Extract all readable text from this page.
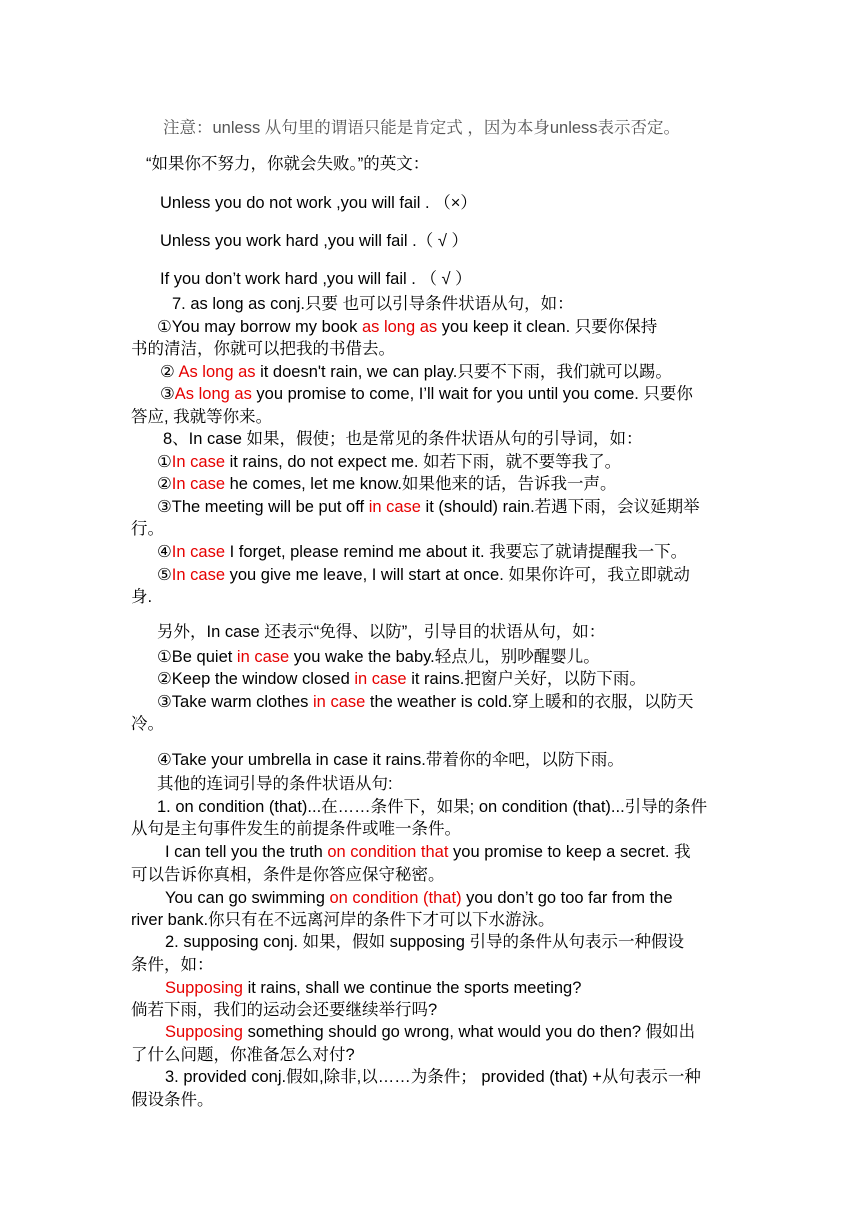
注意：unless 从句里的谓语只能是肯定式 ，因为本身unless表示否定。
“如果你不努力，你就会失败。”的英文：
Unless you do not work ,you will fail . （×）
Unless you work hard ,you will fail .（ √ ）
If you don’t work hard ,you will fail . （ √ ）
7. as long as conj.只要 也可以引导条件状语从句，如：
①You may borrow my book as long as you keep it clean. 只要你保持
书的清洁，你就可以把我的书借去。
② As long as it doesn't rain, we can play.只要不下雨，我们就可以踢。
③As long as you promise to come, I’ll wait for you until you come. 只要你
答应, 我就等你来。
8、In case 如果，假使；也是常见的条件状语从句的引导词，如：
①In case it rains, do not expect me. 如若下雨，就不要等我了。
②In case he comes, let me know.如果他来的话，告诉我一声。
③The meeting will be put off in case it (should) rain.若遇下雨，会议延期举
行。
④In case I forget, please remind me about it. 我要忘了就请提醒我一下。
⑤In case you give me leave, I will start at once. 如果你许可，我立即就动
身.
另外，In case 还表示“免得、以防”，引导目的状语从句，如：
①Be quiet in case you wake the baby.轻点儿，别吵醒婴儿。
②Keep the window closed in case it rains.把窗户关好，以防下雨。
③Take warm clothes in case the weather is cold.穿上暖和的衣服，以防天
冷。
④Take your umbrella in case it rains.带着你的伞吧，以防下雨。
其他的连词引导的条件状语从句:
1. on condition (that)...在……条件下，如果; on condition (that)...引导的条件
从句是主句事件发生的前提条件或唯一条件。
I can tell you the truth on condition that you promise to keep a secret. 我
可以告诉你真相，条件是你答应保守秘密。
You can go swimming on condition (that) you don’t go too far from the
river bank.你只有在不远离河岸的条件下才可以下水游泳。
2. supposing conj. 如果，假如 supposing 引导的条件从句表示一种假设
条件，如：
Supposing it rains, shall we continue the sports meeting?
倘若下雨，我们的运动会还要继续举行吗?
Supposing something should go wrong, what would you do then? 假如出
了什么问题，你准备怎么对付?
3. provided conj.假如,除非,以……为条件； provided (that) +从句表示一种
假设条件。
